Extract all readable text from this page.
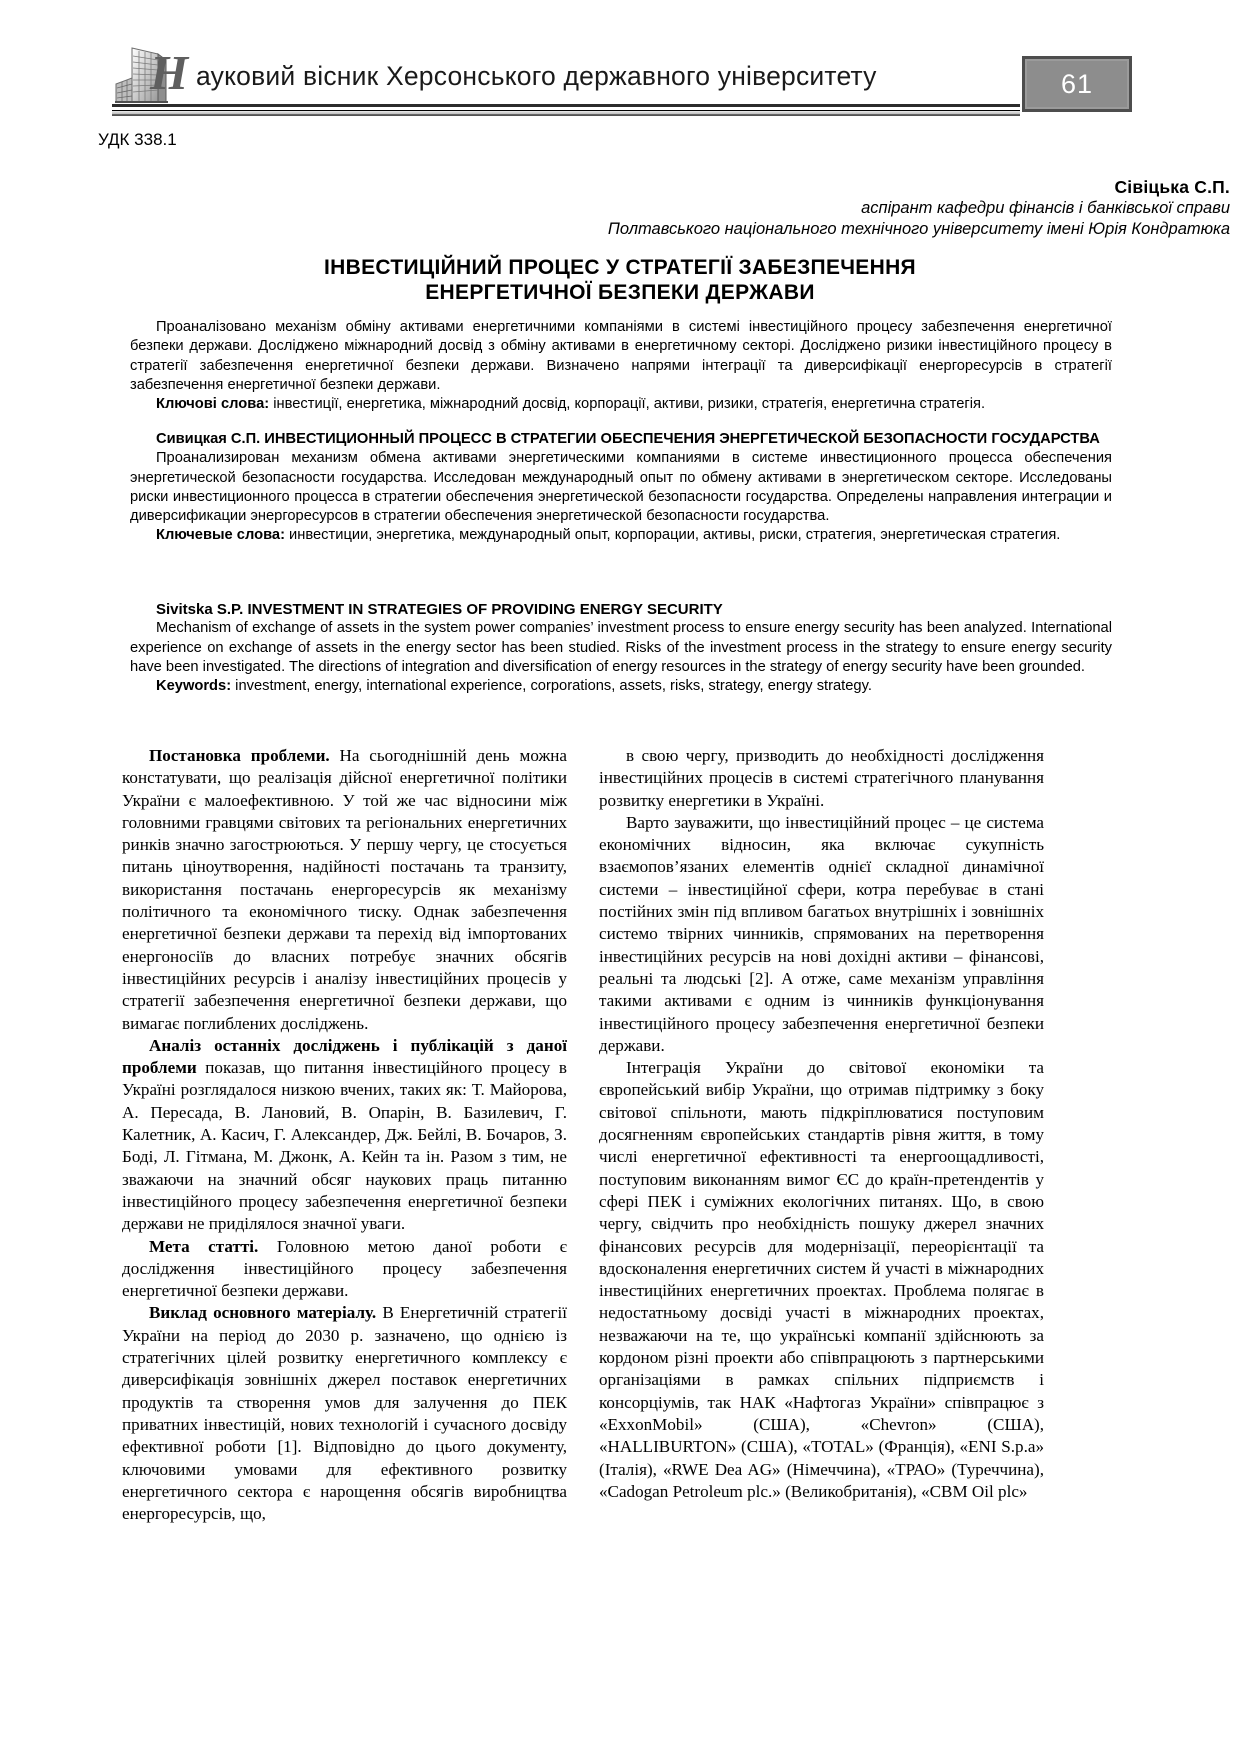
Н ауковий вісник Херсонського державного університету	61
УДК 338.1
Сівіцька С.П.
аспірант кафедри фінансів і банківської справи
Полтавського національного технічного університету імені Юрія Кондратюка
ІНВЕСТИЦІЙНИЙ ПРОЦЕС У СТРАТЕГІЇ ЗАБЕЗПЕЧЕННЯ
ЕНЕРГЕТИЧНОЇ БЕЗПЕКИ ДЕРЖАВИ

Проаналізовано механізм обміну активами енергетичними компаніями в системі інвестиційного процесу забезпечення енергетичної безпеки держави. Досліджено міжнародний досвід з обміну активами в енергетичному секторі. Досліджено ризики інвестиційного процесу в стратегії забезпечення енергетичної безпеки держави. Визначено напрями інтеграції та диверсифікації енергоресурсів в стратегії забезпечення енергетичної безпеки держави.

Ключові слова: інвестиції, енергетика, міжнародний досвід, корпорації, активи, ризики, стратегія, енергетична стратегія.

Сивицкая С.П. ИНВЕСТИЦИОННЫЙ ПРОЦЕСС В СТРАТЕГИИ ОБЕСПЕЧЕНИЯ ЭНЕРГЕТИЧЕСКОЙ БЕЗОПАСНОСТИ ГОСУДАРСТВА

Проанализирован механизм обмена активами энергетическими компаниями в системе инвестиционного процесса обеспечения энергетической безопасности государства. Исследован международный опыт по обмену активами в энергетическом секторе. Исследованы риски инвестиционного процесса в стратегии обеспечения энергетической безопасности государства. Определены направления интеграции и диверсификации энергоресурсов в стратегии обеспечения энергетической безопасности государства.

Ключевые слова: инвестиции, энергетика, международный опыт, корпорации, активы, риски, стратегия, энергетическая стратегия.

Sivitska S.P. INVESTMENT IN STRATEGIES OF PROVIDING ENERGY SECURITY

Mechanism of exchange of assets in the system power companies’ investment process to ensure energy security has been analyzed. International experience on exchange of assets in the energy sector has been studied. Risks of the investment process in the strategy to ensure energy security have been investigated. The directions of integration and diversification of energy resources in the strategy of energy security have been grounded.

Keywords: investment, energy, international experience, corporations, assets, risks, strategy, energy strategy.

Постановка проблеми. На сьогоднішній день можна констатувати, що реалізація дійсної енергетичної політики України є малоефективною. У той же час відносини між головними гравцями світових та регіональних енергетичних ринків значно загострюються. У першу чергу, це стосується питань ціноутворення, надійності постачань та транзиту, використання постачань енергоресурсів як механізму політичного та економічного тиску. Однак забезпечення енергетичної безпеки держави та перехід від імпортованих енергоносіїв до власних потребує значних обсягів інвестиційних ресурсів і аналізу інвестиційних процесів у стратегії забезпечення енергетичної безпеки держави, що вимагає поглиблених досліджень.

Аналіз останніх досліджень і публікацій з даної проблеми показав, що питання інвестиційного процесу в Україні розглядалося низкою вчених, таких як: Т. Майорова, А. Пересада, В. Лановий, В. Опарін, В. Базилевич, Г. Калетник, А. Касич, Г. Александер, Дж. Бейлі, В. Бочаров, З. Боді, Л. Гітмана, М. Джонк, А. Кейн та ін. Разом з тим, не зважаючи на значний обсяг наукових праць питанню інвестиційного процесу забезпечення енергетичної безпеки держави не приділялося значної уваги.

Мета статті. Головною метою даної роботи є дослідження інвестиційного процесу забезпечення енергетичної безпеки держави.

Виклад основного матеріалу. В Енергетичній стратегії України на період до 2030 р. зазначено, що однією із стратегічних цілей розвитку енергетичного комплексу є диверсифікація зовнішніх джерел поставок енергетичних продуктів та створення умов для залучення до ПЕК приватних інвестицій, нових технологій і сучасного досвіду ефективної роботи [1]. Відповідно до цього документу, ключовими умовами для ефективного розвитку енергетичного сектора є нарощення обсягів виробництва енергоресурсів, що,

в свою чергу, призводить до необхідності дослідження інвестиційних процесів в системі стратегічного планування розвитку енергетики в Україні.

Варто зауважити, що інвестиційний процес – це система економічних відносин, яка включає сукупність взаємопов’язаних елементів однієї складної динамічної системи – інвестиційної сфери, котра перебуває в стані постійних змін під впливом багатьох внутрішніх і зовнішніх системо твірних чинників, спрямованих на перетворення інвестиційних ресурсів на нові дохідні активи – фінансові, реальні та людські [2]. А отже, саме механізм управління такими активами є одним із чинників функціонування інвестиційного процесу забезпечення енергетичної безпеки держави.

Інтеграція України до світової економіки та європейський вибір України, що отримав підтримку з боку світової спільноти, мають підкріплюватися поступовим досягненням європейських стандартів рівня життя, в тому числі енергетичної ефективності та енергоощадливості, поступовим виконанням вимог ЄС до країн-претендентів у сфері ПЕК і суміжних екологічних питанях. Що, в свою чергу, свідчить про необхідність пошуку джерел значних фінансових ресурсів для модернізації, переорієнтації та вдосконалення енергетичних систем й участі в міжнародних інвестиційних енергетичних проектах. Проблема полягає в недостатньому досвіді участі в міжнародних проектах, незважаючи на те, що українські компанії здійснюють за кордоном різні проекти або співпрацюють з партнерськими організаціями в рамках спільних підприємств і консорціумів, так НАК «Нафтогаз України» співпрацює з «ExxonMobil» (США), «Chevron» (США), «HALLIBURTON» (США), «TOTAL» (Франція), «ENI S.p.a» (Італія), «RWE Dea AG» (Німеччина), «ТРАО» (Туреччина), «Cadogan Petroleum plc.» (Великобританія), «CBM Oil plc»
